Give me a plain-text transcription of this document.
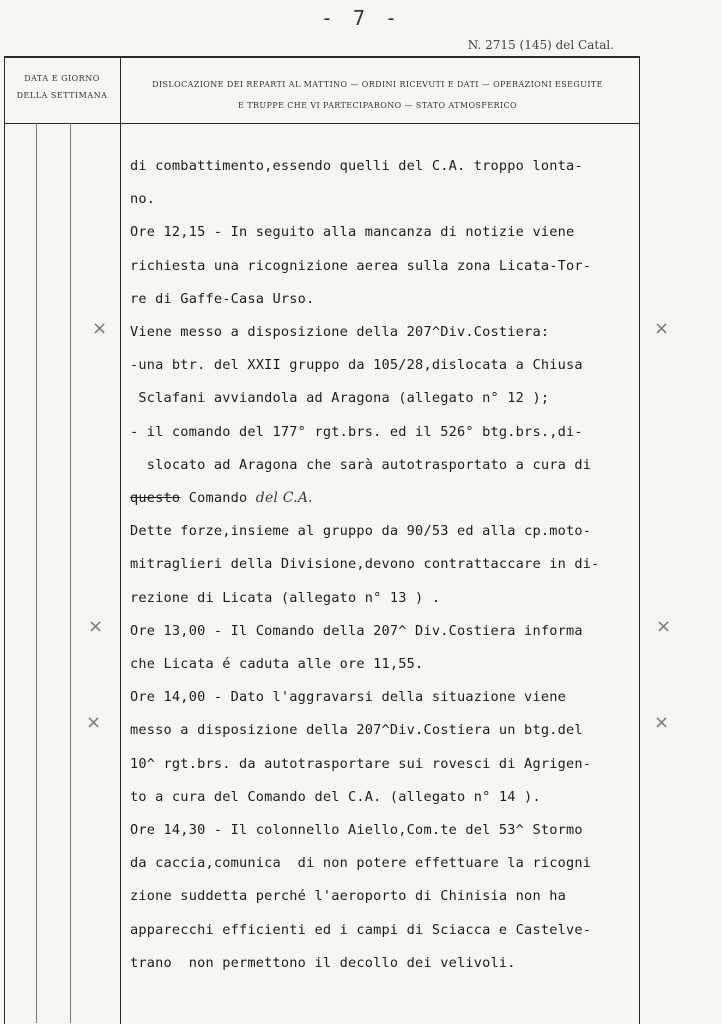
- 7 -
N. 2715 (145) del Catal.
DATA E GIORNO
DELLA SETTIMANA
DISLOCAZIONE DEI REPARTI AL MATTINO — ORDINI RICEVUTI E DATI — OPERAZIONI ESEGUITE
E TRUPPE CHE VI PARTECIPARONO — STATO ATMOSFERICO
×	×
×	×
×	×
di combattimento,essendo quelli del C.A. troppo lonta-
no.
Ore 12,15 - In seguito alla mancanza di notizie viene
richiesta una ricognizione aerea sulla zona Licata-Tor-
re di Gaffe-Casa Urso.
Viene messo a disposizione della 207^Div.Costiera:
-una btr. del XXII gruppo da 105/28,dislocata a Chiusa
Sclafani avviandola ad Aragona (allegato n° 12 );
- il comando del 177° rgt.brs. ed il 526° btg.brs.,di-
slocato ad Aragona che sarà autotrasportato a cura di
questo Comando del C.A.
Dette forze,insieme al gruppo da 90/53 ed alla cp.moto-
mitraglieri della Divisione,devono contrattaccare in di-
rezione di Licata (allegato n° 13 ) .
Ore 13,00 - Il Comando della 207^ Div.Costiera informa
che Licata é caduta alle ore 11,55.
Ore 14,00 - Dato l'aggravarsi della situazione viene
messo a disposizione della 207^Div.Costiera un btg.del
10^ rgt.brs. da autotrasportare sui rovesci di Agrigen-
to a cura del Comando del C.A. (allegato n° 14 ).
Ore 14,30 - Il colonnello Aiello,Com.te del 53^ Stormo
da caccia,comunica  di non potere effettuare la ricogni
zione suddetta perché l'aeroporto di Chinisia non ha
apparecchi efficienti ed i campi di Sciacca e Castelve-
trano  non permettono il decollo dei velivoli.
